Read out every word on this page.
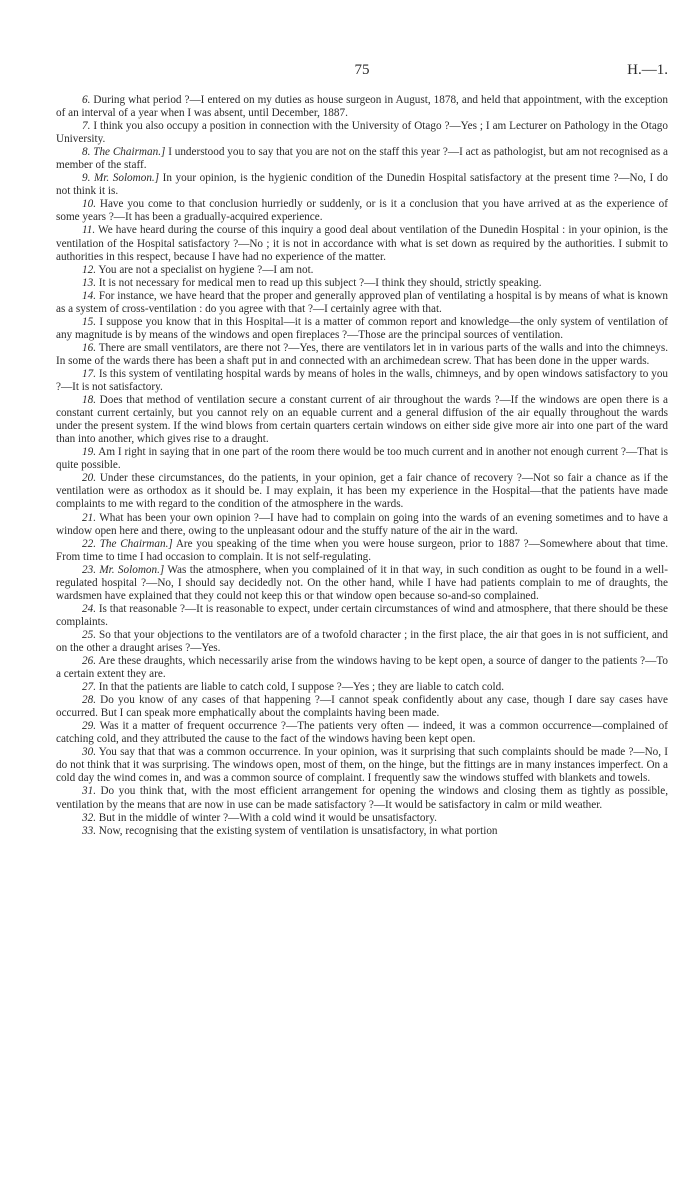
75	H.—1.

6. During what period ?—I entered on my duties as house surgeon in August, 1878, and held that appointment, with the exception of an interval of a year when I was absent, until December, 1887.

7. I think you also occupy a position in connection with the University of Otago ?—Yes ; I am Lecturer on Pathology in the Otago University.

8. The Chairman.] I understood you to say that you are not on the staff this year ?—I act as pathologist, but am not recognised as a member of the staff.

9. Mr. Solomon.] In your opinion, is the hygienic condition of the Dunedin Hospital satisfactory at the present time ?—No, I do not think it is.

10. Have you come to that conclusion hurriedly or suddenly, or is it a conclusion that you have arrived at as the experience of some years ?—It has been a gradually-acquired experience.

11. We have heard during the course of this inquiry a good deal about ventilation of the Dunedin Hospital : in your opinion, is the ventilation of the Hospital satisfactory ?—No ; it is not in accordance with what is set down as required by the authorities. I submit to authorities in this respect, because I have had no experience of the matter.

12. You are not a specialist on hygiene ?—I am not.

13. It is not necessary for medical men to read up this subject ?—I think they should, strictly speaking.

14. For instance, we have heard that the proper and generally approved plan of ventilating a hospital is by means of what is known as a system of cross-ventilation : do you agree with that ?—I certainly agree with that.

15. I suppose you know that in this Hospital—it is a matter of common report and knowledge—the only system of ventilation of any magnitude is by means of the windows and open fireplaces ?—Those are the principal sources of ventilation.

16. There are small ventilators, are there not ?—Yes, there are ventilators let in in various parts of the walls and into the chimneys. In some of the wards there has been a shaft put in and connected with an archimedean screw. That has been done in the upper wards.

17. Is this system of ventilating hospital wards by means of holes in the walls, chimneys, and by open windows satisfactory to you ?—It is not satisfactory.

18. Does that method of ventilation secure a constant current of air throughout the wards ?—If the windows are open there is a constant current certainly, but you cannot rely on an equable current and a general diffusion of the air equally throughout the wards under the present system. If the wind blows from certain quarters certain windows on either side give more air into one part of the ward than into another, which gives rise to a draught.

19. Am I right in saying that in one part of the room there would be too much current and in another not enough current ?—That is quite possible.

20. Under these circumstances, do the patients, in your opinion, get a fair chance of recovery ?—Not so fair a chance as if the ventilation were as orthodox as it should be. I may explain, it has been my experience in the Hospital—that the patients have made complaints to me with regard to the condition of the atmosphere in the wards.

21. What has been your own opinion ?—I have had to complain on going into the wards of an evening sometimes and to have a window open here and there, owing to the unpleasant odour and the stuffy nature of the air in the ward.

22. The Chairman.] Are you speaking of the time when you were house surgeon, prior to 1887 ?—Somewhere about that time. From time to time I had occasion to complain. It is not self-regulating.

23. Mr. Solomon.] Was the atmosphere, when you complained of it in that way, in such condition as ought to be found in a well-regulated hospital ?—No, I should say decidedly not. On the other hand, while I have had patients complain to me of draughts, the wardsmen have explained that they could not keep this or that window open because so-and-so complained.

24. Is that reasonable ?—It is reasonable to expect, under certain circumstances of wind and atmosphere, that there should be these complaints.

25. So that your objections to the ventilators are of a twofold character ; in the first place, the air that goes in is not sufficient, and on the other a draught arises ?—Yes.

26. Are these draughts, which necessarily arise from the windows having to be kept open, a source of danger to the patients ?—To a certain extent they are.

27. In that the patients are liable to catch cold, I suppose ?—Yes ; they are liable to catch cold.

28. Do you know of any cases of that happening ?—I cannot speak confidently about any case, though I dare say cases have occurred. But I can speak more emphatically about the complaints having been made.

29. Was it a matter of frequent occurrence ?—The patients very often — indeed, it was a common occurrence—complained of catching cold, and they attributed the cause to the fact of the windows having been kept open.

30. You say that that was a common occurrence. In your opinion, was it surprising that such complaints should be made ?—No, I do not think that it was surprising. The windows open, most of them, on the hinge, but the fittings are in many instances imperfect. On a cold day the wind comes in, and was a common source of complaint. I frequently saw the windows stuffed with blankets and towels.

31. Do you think that, with the most efficient arrangement for opening the windows and closing them as tightly as possible, ventilation by the means that are now in use can be made satisfactory ?—It would be satisfactory in calm or mild weather.

32. But in the middle of winter ?—With a cold wind it would be unsatisfactory.

33. Now, recognising that the existing system of ventilation is unsatisfactory, in what portion
